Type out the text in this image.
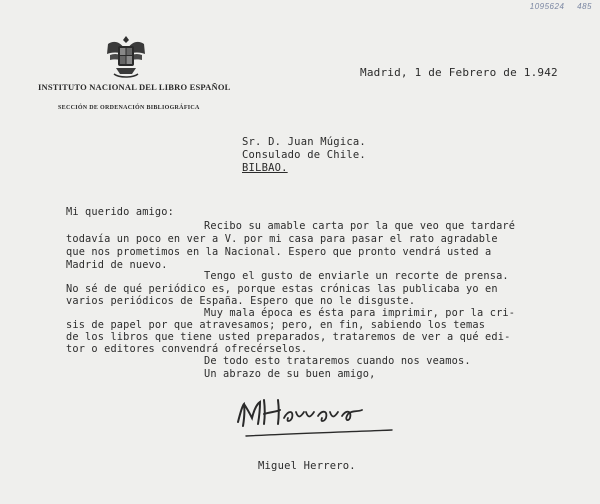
1095624 485
INSTITUTO NACIONAL DEL LIBRO ESPAÑOL
SECCIÓN DE ORDENACIÓN BIBLIOGRÁFICA
Madrid, 1 de Febrero de 1.942
Sr. D. Juan Múgica.
Consulado de Chile.
BILBAO.
Mi querido amigo:
Recibo su amable carta por la que veo que tardaré
todavía un poco en ver a V. por mi casa para pasar el rato agradable
que nos prometimos en la Nacional. Espero que pronto vendrá usted a
Madrid de nuevo.
Tengo el gusto de enviarle un recorte de prensa.
No sé de qué periódico es, porque estas crónicas las publicaba yo en
varios periódicos de España. Espero que no le disguste.
Muy mala época es ésta para imprimir, por la cri-
sis de papel por que atravesamos; pero, en fin, sabiendo los temas
de los libros que tiene usted preparados, trataremos de ver a qué edi-
tor o editores convendrá ofrecérselos.
De todo esto trataremos cuando nos veamos.
Un abrazo de su buen amigo,
Miguel Herrero.
